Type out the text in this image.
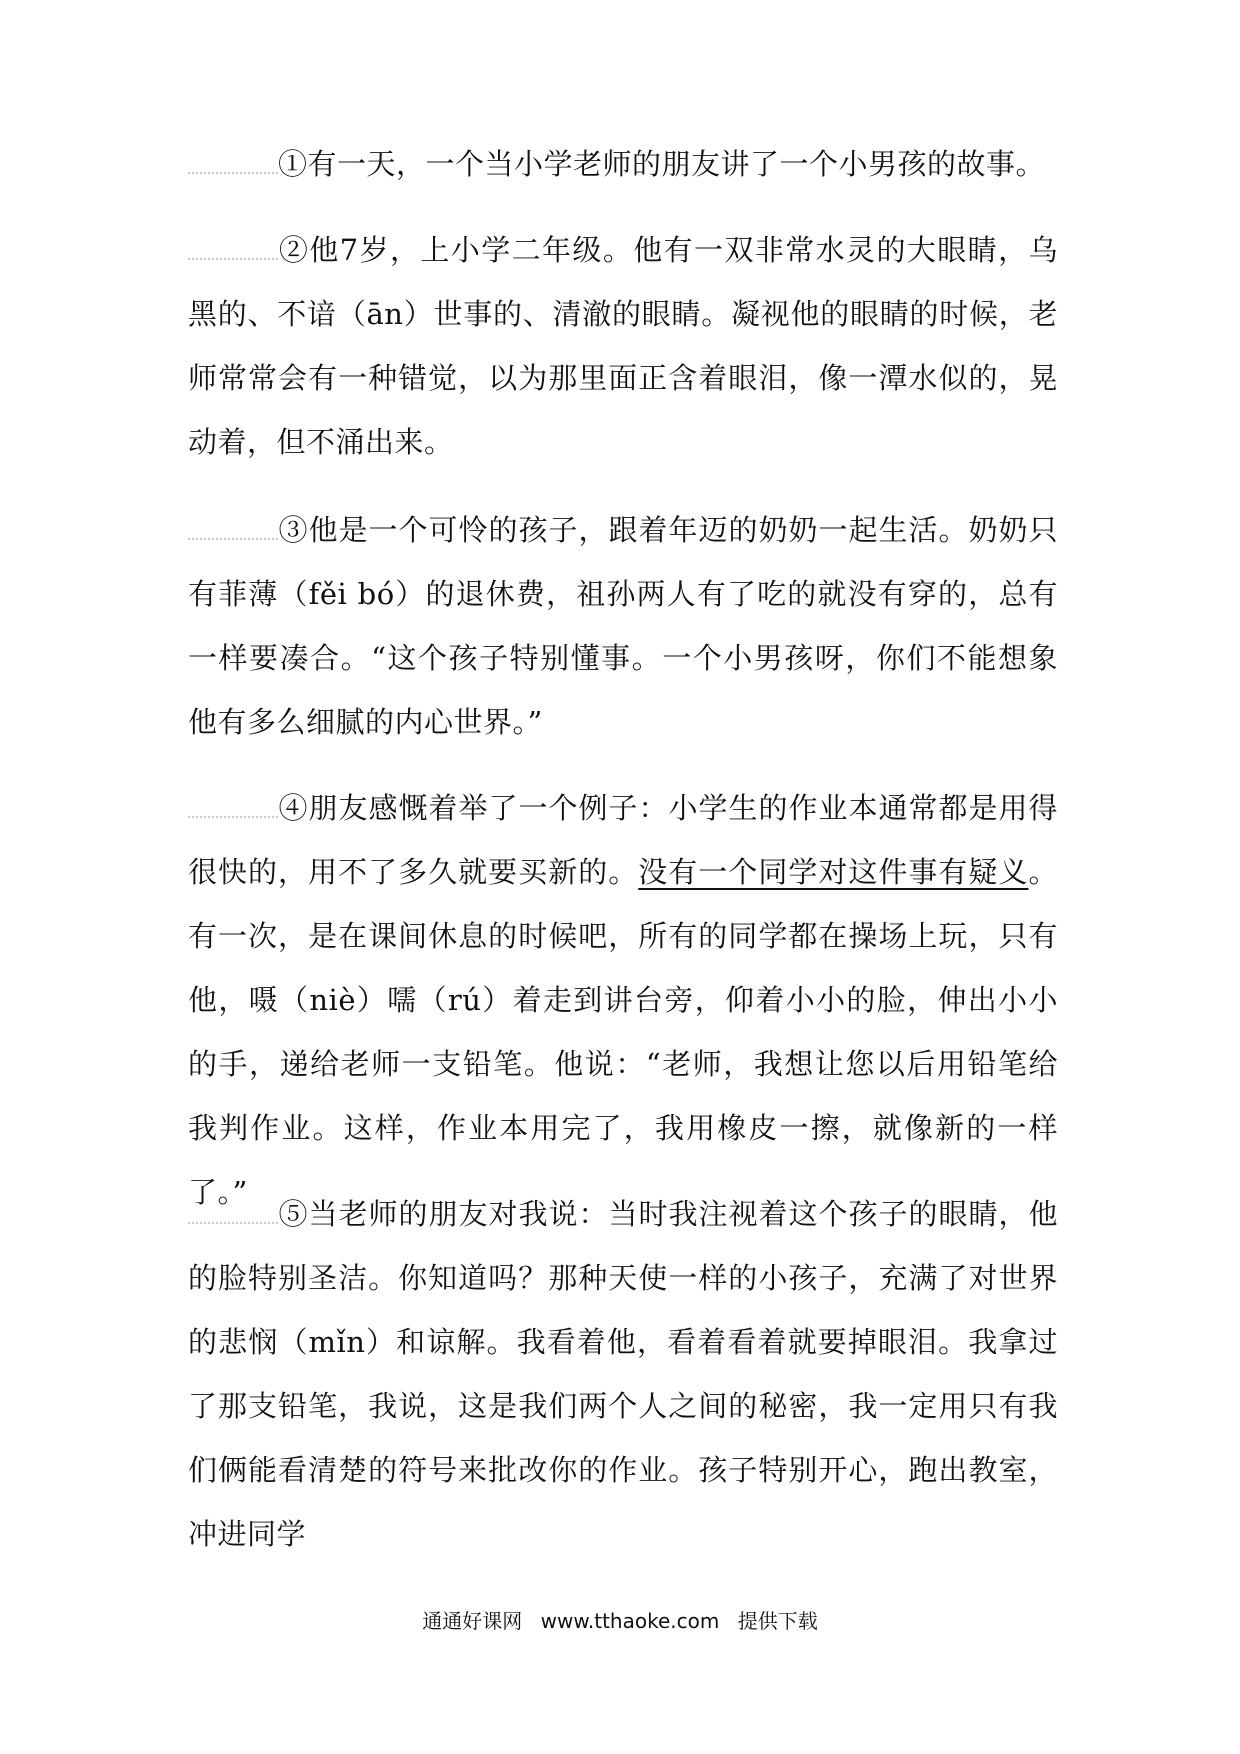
①有一天，一个当小学老师的朋友讲了一个小男孩的故事。

②他7岁，上小学二年级。他有一双非常水灵的大眼睛，乌黑的、不谙（ān）世事的、清澈的眼睛。凝视他的眼睛的时候，老师常常会有一种错觉，以为那里面正含着眼泪，像一潭水似的，晃动着，但不涌出来。

③他是一个可怜的孩子，跟着年迈的奶奶一起生活。奶奶只有菲薄（fěi bó）的退休费，祖孙两人有了吃的就没有穿的，总有一样要凑合。“这个孩子特别懂事。一个小男孩呀，你们不能想象他有多么细腻的内心世界。”

④朋友感慨着举了一个例子：小学生的作业本通常都是用得很快的，用不了多久就要买新的。没有一个同学对这件事有疑义。有一次，是在课间休息的时候吧，所有的同学都在操场上玩，只有他，嗫（niè）嚅（rú）着走到讲台旁，仰着小小的脸，伸出小小的手，递给老师一支铅笔。他说：“老师，我想让您以后用铅笔给我判作业。这样，作业本用完了，我用橡皮一擦，就像新的一样了。”

⑤当老师的朋友对我说：当时我注视着这个孩子的眼睛，他的脸特别圣洁。你知道吗？那种天使一样的小孩子，充满了对世界的悲悯（mǐn）和谅解。我看着他，看着看着就要掉眼泪。我拿过了那支铅笔，我说，这是我们两个人之间的秘密，我一定用只有我们俩能看清楚的符号来批改你的作业。孩子特别开心，跑出教室，冲进同学

通通好课网 www.tthaoke.com 提供下载
